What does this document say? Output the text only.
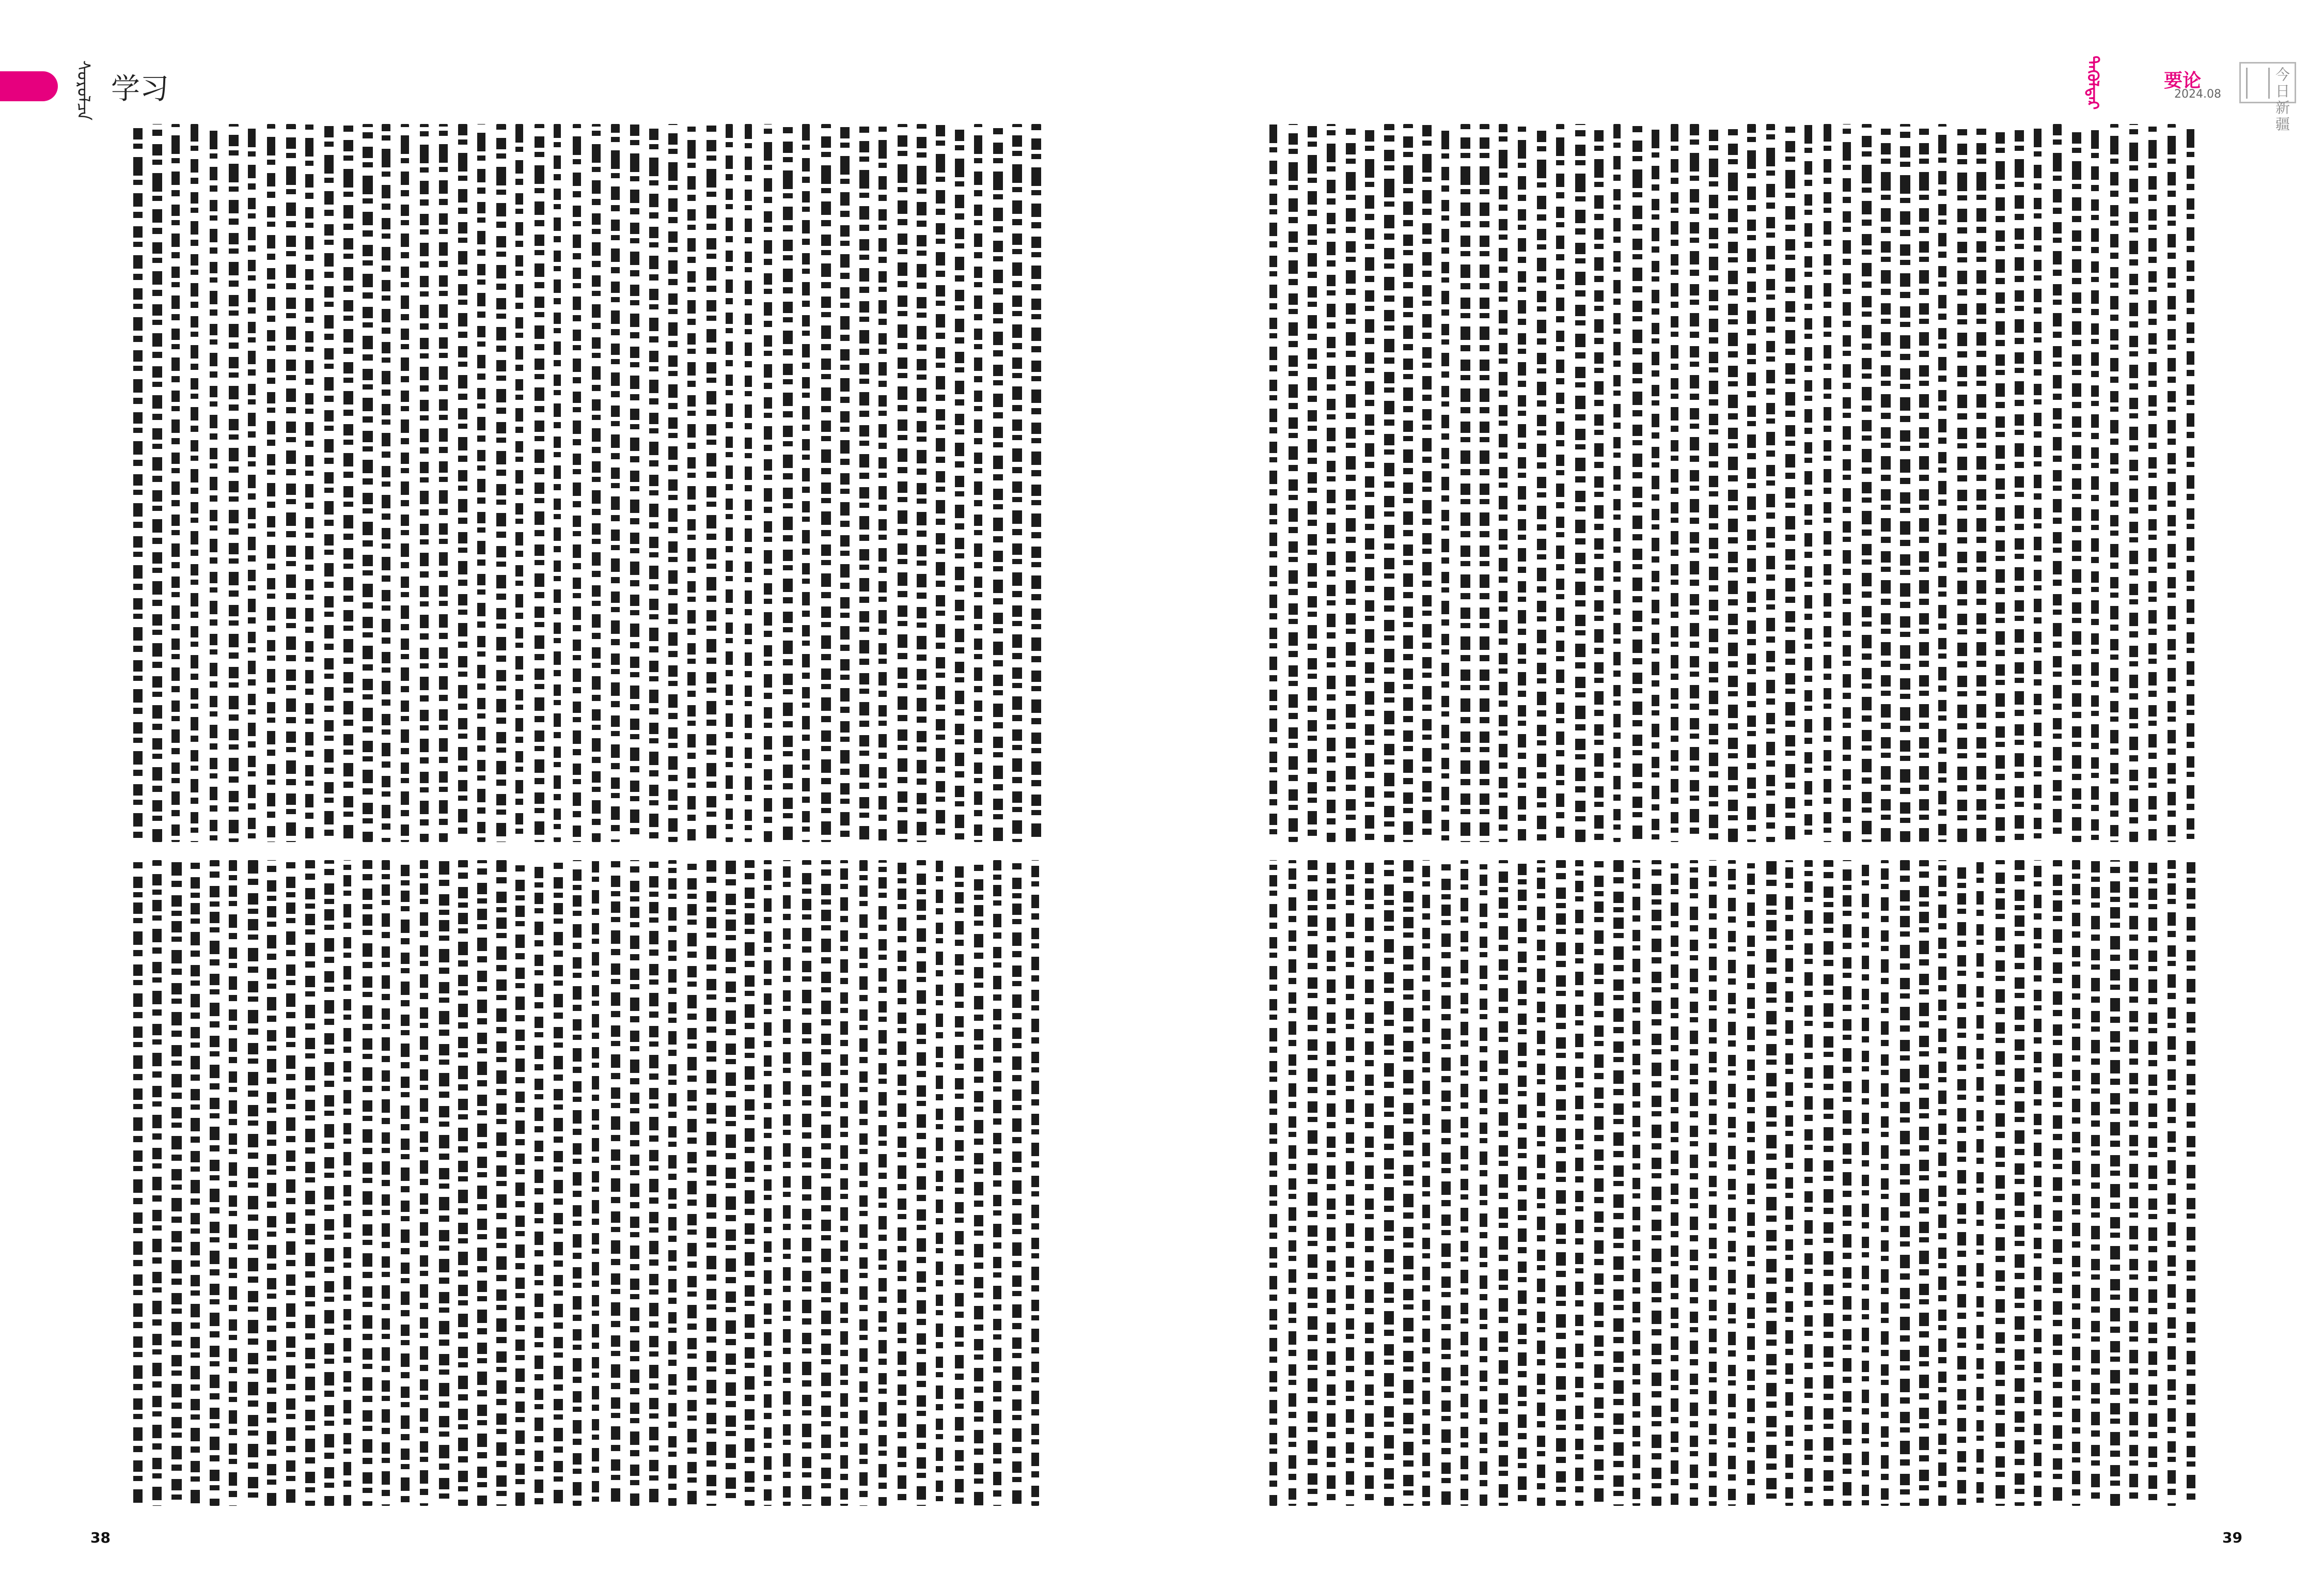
ᠰᠤᠷᠤᠯᠴᠠ 学习	ᠲᠡᠭᠦᠯᠳᠡᠷ	要论
2024.08
今日新疆
38	39
